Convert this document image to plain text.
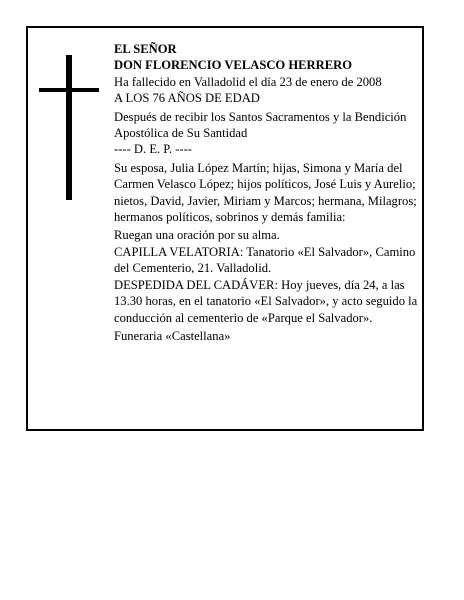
EL SEÑOR

DON FLORENCIO VELASCO HERRERO

Ha fallecido en Valladolid el día 23 de enero de 2008

A LOS 76 AÑOS DE EDAD

Después de recibir los Santos Sacramentos y la Bendición Apostólica de Su Santidad

---- D. E. P. ----

Su esposa, Julia López Martín; hijas, Simona y María del Carmen Velasco López; hijos políticos, José Luis y Aurelio; nietos, David, Javier, Miriam y Marcos; hermana, Milagros; hermanos políticos, sobrinos y demás familia:

Ruegan una oración por su alma.

CAPILLA VELATORIA: Tanatorio «El Salvador», Camino del Cementerio, 21. Valladolid.

DESPEDIDA DEL CADÁVER: Hoy jueves, día 24, a las 13.30 horas, en el tanatorio «El Salvador», y acto seguido la conducción al cementerio de «Parque el Salvador».

Funeraria «Castellana»
